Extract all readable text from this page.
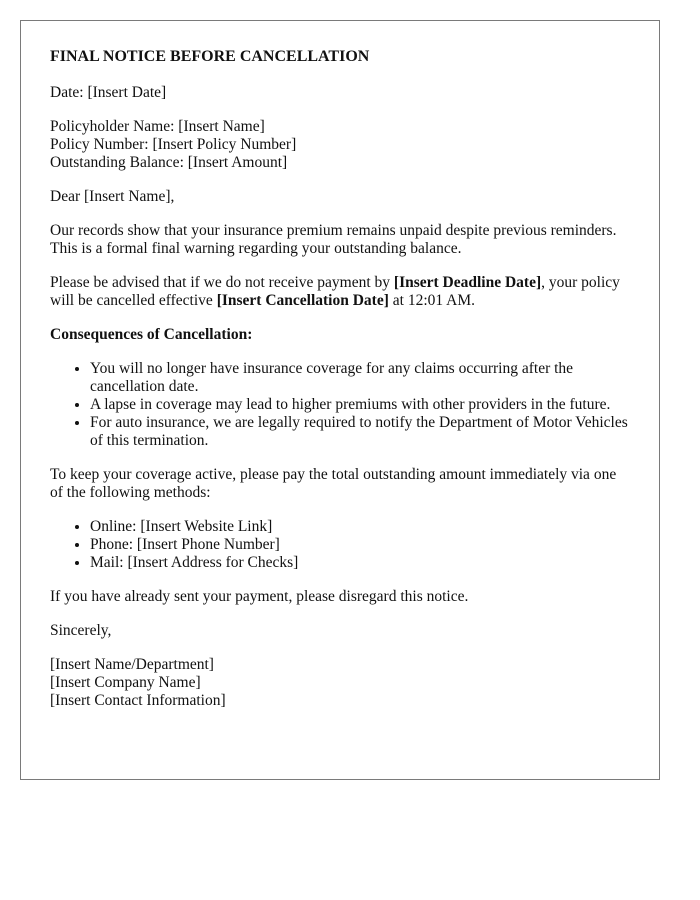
FINAL NOTICE BEFORE CANCELLATION

Date: [Insert Date]

Policyholder Name: [Insert Name]
Policy Number: [Insert Policy Number]
Outstanding Balance: [Insert Amount]

Dear [Insert Name],

Our records show that your insurance premium remains unpaid despite previous reminders. This is a formal final warning regarding your outstanding balance.

Please be advised that if we do not receive payment by [Insert Deadline Date], your policy will be cancelled effective [Insert Cancellation Date] at 12:01 AM.

Consequences of Cancellation:

• You will no longer have insurance coverage for any claims occurring after the cancellation date.
• A lapse in coverage may lead to higher premiums with other providers in the future.
• For auto insurance, we are legally required to notify the Department of Motor Vehicles of this termination.

To keep your coverage active, please pay the total outstanding amount immediately via one of the following methods:

• Online: [Insert Website Link]
• Phone: [Insert Phone Number]
• Mail: [Insert Address for Checks]

If you have already sent your payment, please disregard this notice.

Sincerely,

[Insert Name/Department]
[Insert Company Name]
[Insert Contact Information]
